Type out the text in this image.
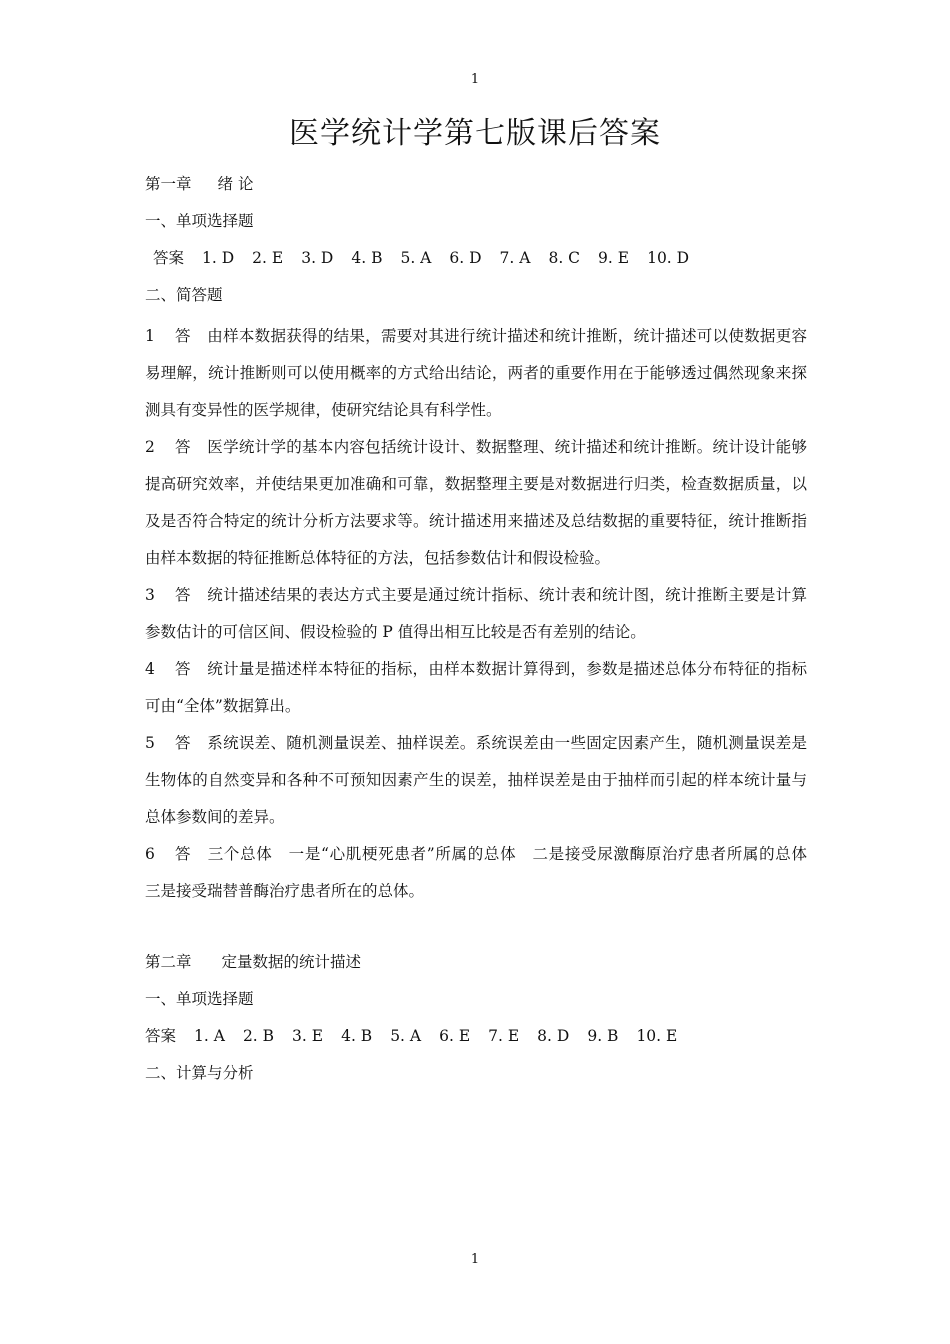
1
医学统计学第七版课后答案
第一章 绪 论
一、单项选择题
答案 1. D 2. E 3. D 4. B 5. A 6. D 7. A 8. C 9. E 10. D
二、简答题

1 答 由样本数据获得的结果，需要对其进行统计描述和统计推断，统计描述可以使数据更容易理解，统计推断则可以使用概率的方式给出结论，两者的重要作用在于能够透过偶然现象来探测具有变异性的医学规律，使研究结论具有科学性。

2 答 医学统计学的基本内容包括统计设计、数据整理、统计描述和统计推断。统计设计能够提高研究效率，并使结果更加准确和可靠，数据整理主要是对数据进行归类，检查数据质量，以及是否符合特定的统计分析方法要求等。统计描述用来描述及总结数据的重要特征，统计推断指由样本数据的特征推断总体特征的方法，包括参数估计和假设检验。

3 答 统计描述结果的表达方式主要是通过统计指标、统计表和统计图，统计推断主要是计算参数估计的可信区间、假设检验的 P 值得出相互比较是否有差别的结论。

4 答 统计量是描述样本特征的指标，由样本数据计算得到，参数是描述总体分布特征的指标　可由“全体”数据算出。

5 答 系统误差、随机测量误差、抽样误差。系统误差由一些固定因素产生，随机测量误差是生物体的自然变异和各种不可预知因素产生的误差，抽样误差是由于抽样而引起的样本统计量与总体参数间的差异。

6 答 三个总体　一是“心肌梗死患者”所属的总体　二是接受尿激酶原治疗患者所属的总体　三是接受瑞替普酶治疗患者所在的总体。

第二章 定量数据的统计描述
一、单项选择题
答案 1. A 2. B 3. E 4. B 5. A 6. E 7. E 8. D 9. B 10. E
二、计算与分析
1
